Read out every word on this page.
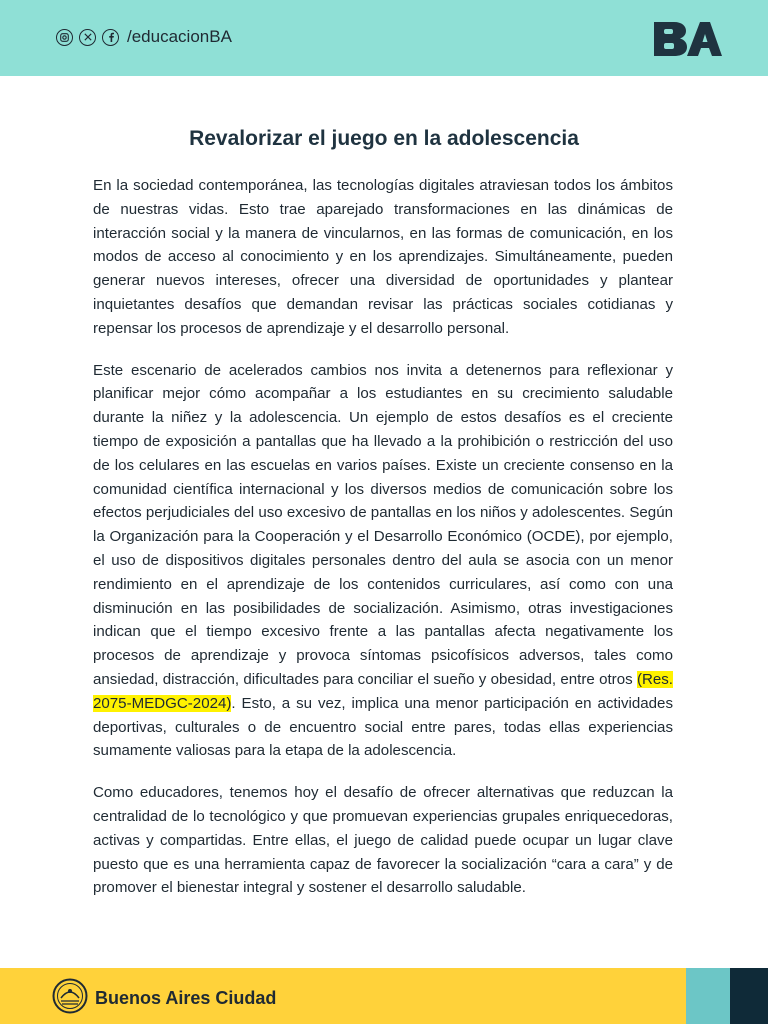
/educacionBA
Revalorizar el juego en la adolescencia

En la sociedad contemporánea, las tecnologías digitales atraviesan todos los ámbitos de nuestras vidas. Esto trae aparejado transformaciones en las dinámicas de interacción social y la manera de vincularnos, en las formas de comunicación, en los modos de acceso al conocimiento y en los aprendizajes. Simultáneamente, pueden generar nuevos intereses, ofrecer una diversidad de oportunidades y plantear inquietantes desafíos que demandan revisar las prácticas sociales cotidianas y repensar los procesos de aprendizaje y el desarrollo personal.

Este escenario de acelerados cambios nos invita a detenernos para reflexionar y planificar mejor cómo acompañar a los estudiantes en su crecimiento saludable durante la niñez y la adolescencia. Un ejemplo de estos desafíos es el creciente tiempo de exposición a pantallas que ha llevado a la prohibición o restricción del uso de los celulares en las escuelas en varios países. Existe un creciente consenso en la comunidad científica internacional y los diversos medios de comunicación sobre los efectos perjudiciales del uso excesivo de pantallas en los niños y adolescentes. Según la Organización para la Cooperación y el Desarrollo Económico (OCDE), por ejemplo, el uso de dispositivos digitales personales dentro del aula se asocia con un menor rendimiento en el aprendizaje de los contenidos curriculares, así como con una disminución en las posibilidades de socialización. Asimismo, otras investigaciones indican que el tiempo excesivo frente a las pantallas afecta negativamente los procesos de aprendizaje y provoca síntomas psicofísicos adversos, tales como ansiedad, distracción, dificultades para conciliar el sueño y obesidad, entre otros (Res. 2075-MEDGC-2024). Esto, a su vez, implica una menor participación en actividades deportivas, culturales o de encuentro social entre pares, todas ellas experiencias sumamente valiosas para la etapa de la adolescencia.

Como educadores, tenemos hoy el desafío de ofrecer alternativas que reduzcan la centralidad de lo tecnológico y que promuevan experiencias grupales enriquecedoras, activas y compartidas. Entre ellas, el juego de calidad puede ocupar un lugar clave puesto que es una herramienta capaz de favorecer la socialización “cara a cara” y de promover el bienestar integral y sostener el desarrollo saludable.

Buenos Aires Ciudad
